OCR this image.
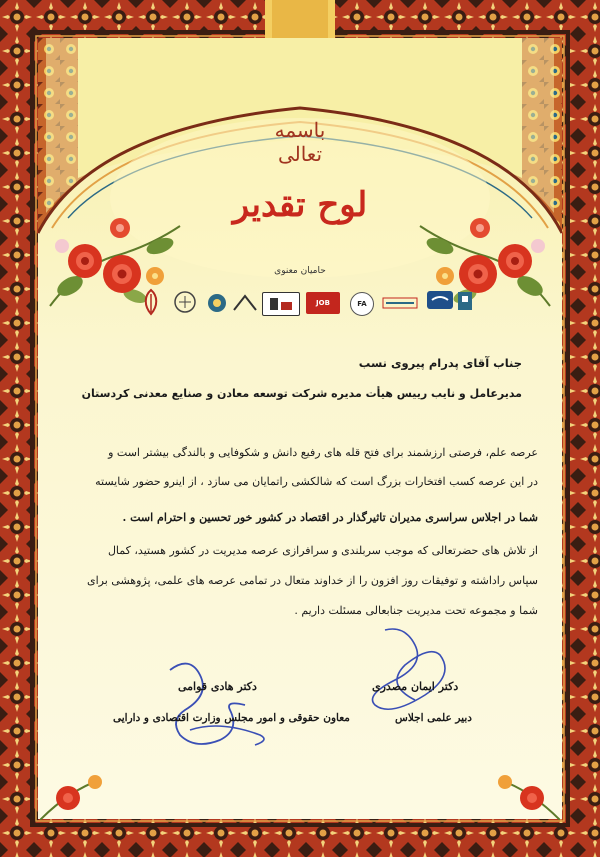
باسمه تعالی
لوح تقدیر
حامیان معنوی
JOB	FA
جناب آقای پدرام پیروی نسب
مدیرعامل و نایب رییس هیأت مدیره شرکت توسعه معادن و صنایع معدنی کردستان
عرصه علم، فرصتی ارزشمند برای فتح قله های رفیع دانش و شکوفایی و بالندگی بیشتر است و
در این عرصه کسب افتخارات بزرگ است که شالکشی راتمایان می سازد ، از اینرو حضور شایسته
شما در اجلاس سراسری مدیران تاثیرگذار در اقتصاد در کشور خور تحسین و احترام است .
از تلاش های حضرتعالی که موجب سربلندی و سرافرازی عرصه مدیریت در کشور هستید، کمال
سپاس راداشته و توفیقات روز افزون را از خداوند متعال در تمامی عرصه های علمی، پژوهشی برای
شما و مجموعه تحت مدیریت جنابعالی مسئلت داریم .
دکتر هادی قوامی
معاون حقوقی و امور مجلس وزارت اقتصادی و دارایی
دکتر ایمان مصدری
دبیر علمی اجلاس
